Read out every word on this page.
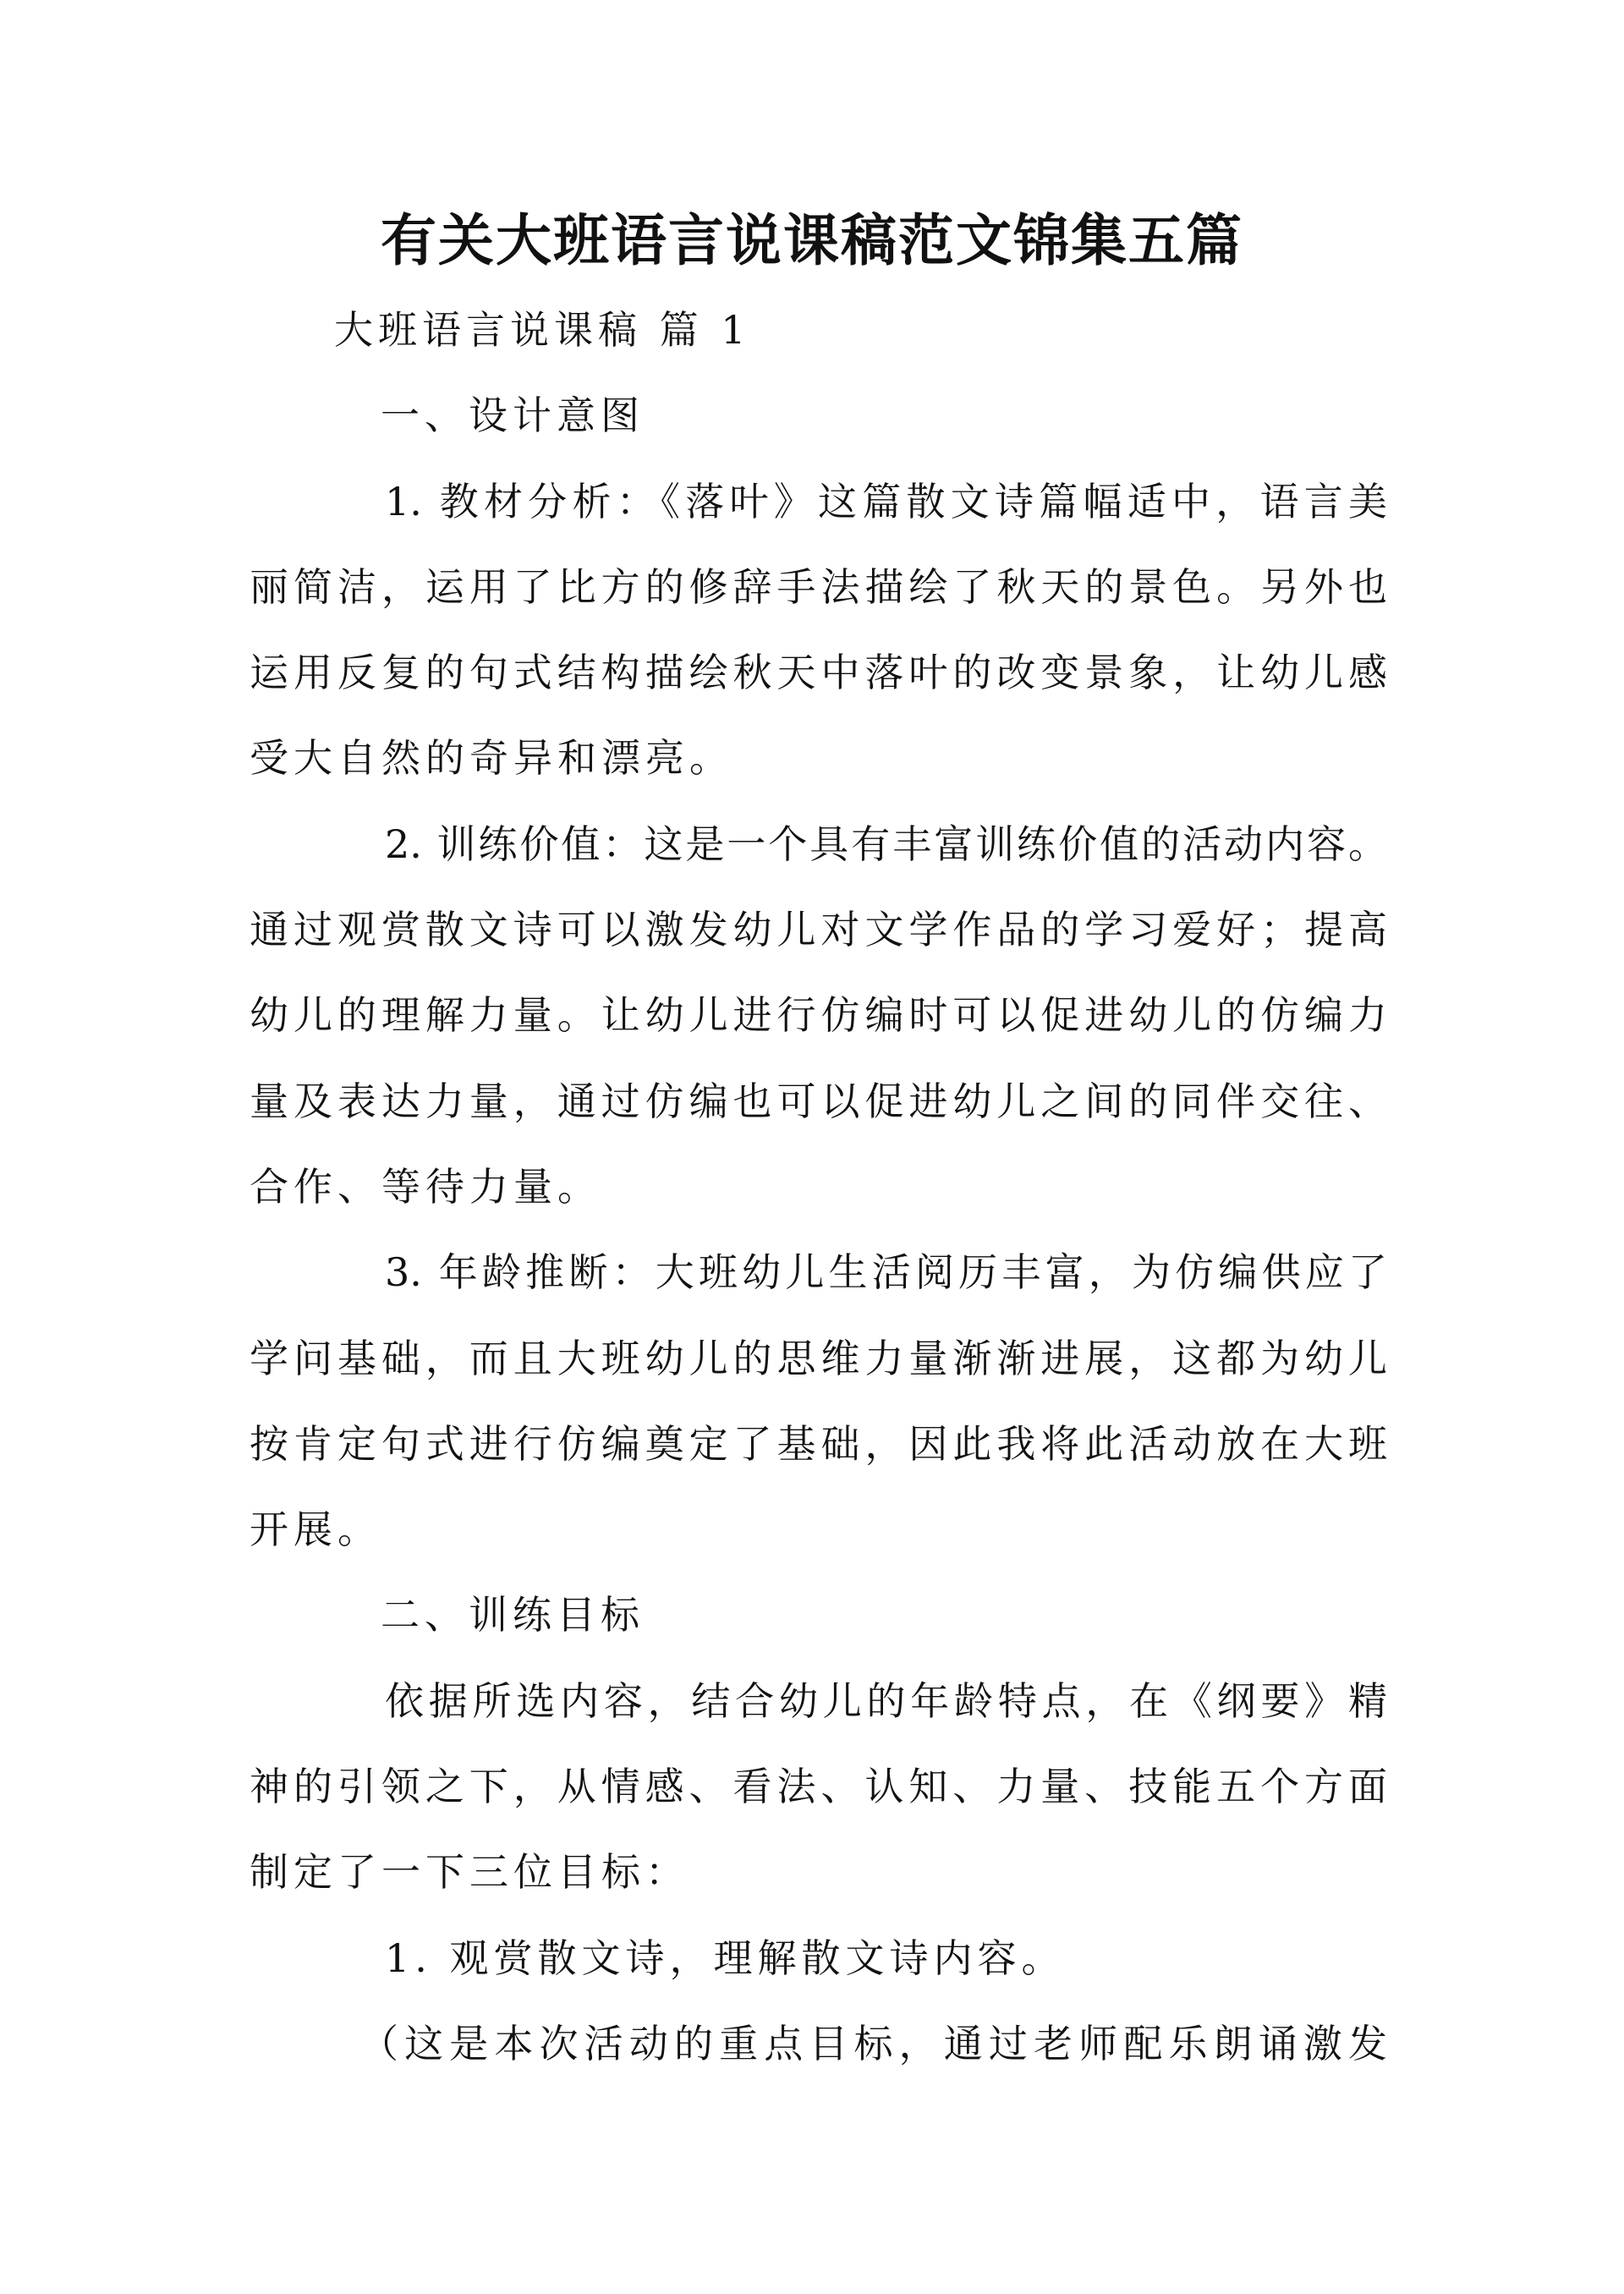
有关大班语言说课稿范文锦集五篇
大班语言说课稿 篇 1
一、设计意图
1. 教材分析：《落叶》这篇散文诗篇幅适中，语言美
丽简洁，运用了比方的修辞手法描绘了秋天的景色。另外也
运用反复的句式结构描绘秋天中落叶的改变景象，让幼儿感
受大自然的奇异和漂亮。
2. 训练价值：这是一个具有丰富训练价值的活动内容。
通过观赏散文诗可以激发幼儿对文学作品的学习爱好；提高
幼儿的理解力量。让幼儿进行仿编时可以促进幼儿的仿编力
量及表达力量，通过仿编也可以促进幼儿之间的同伴交往、
合作、等待力量。
3. 年龄推断：大班幼儿生活阅历丰富，为仿编供应了
学问基础，而且大班幼儿的思维力量渐渐进展，这都为幼儿
按肯定句式进行仿编奠定了基础，因此我将此活动放在大班
开展。
二、训练目标
依据所选内容，结合幼儿的年龄特点，在《纲要》精
神的引领之下，从情感、看法、认知、力量、技能五个方面
制定了一下三位目标：
1. 观赏散文诗，理解散文诗内容。
（这是本次活动的重点目标，通过老师配乐朗诵激发
